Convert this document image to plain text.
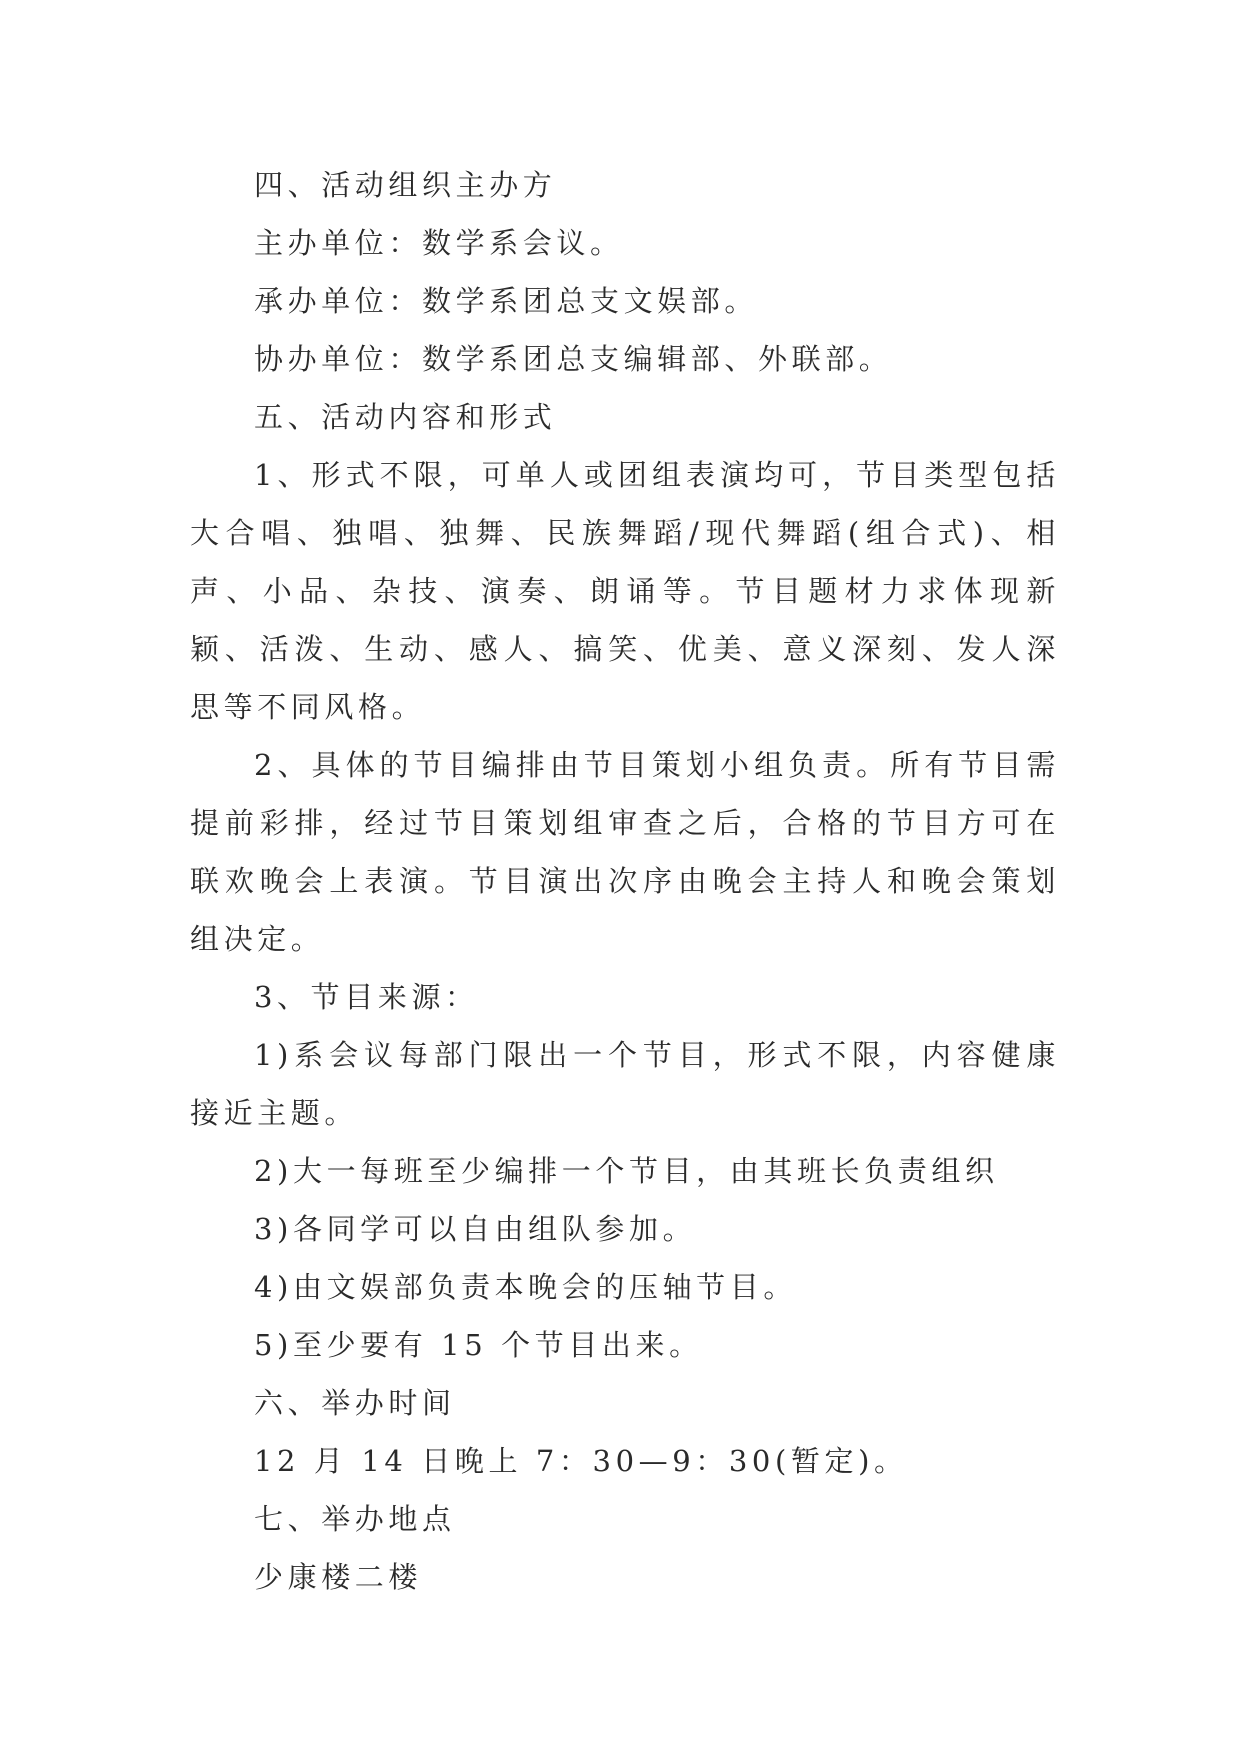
四、活动组织主办方
主办单位：数学系会议。
承办单位：数学系团总支文娱部。
协办单位：数学系团总支编辑部、外联部。
五、活动内容和形式

1、形式不限，可单人或团组表演均可，节目类型包括大合唱、独唱、独舞、民族舞蹈/现代舞蹈(组合式)、相声、小品、杂技、演奏、朗诵等。节目题材力求体现新颖、活泼、生动、感人、搞笑、优美、意义深刻、发人深思等不同风格。

2、具体的节目编排由节目策划小组负责。所有节目需提前彩排，经过节目策划组审查之后，合格的节目方可在联欢晚会上表演。节目演出次序由晚会主持人和晚会策划组决定。

3、节目来源：

1)系会议每部门限出一个节目，形式不限，内容健康接近主题。

2)大一每班至少编排一个节目，由其班长负责组织
3)各同学可以自由组队参加。
4)由文娱部负责本晚会的压轴节目。
5)至少要有 15 个节目出来。
六、举办时间
12 月 14 日晚上 7：30—9：30(暂定)。
七、举办地点
少康楼二楼
